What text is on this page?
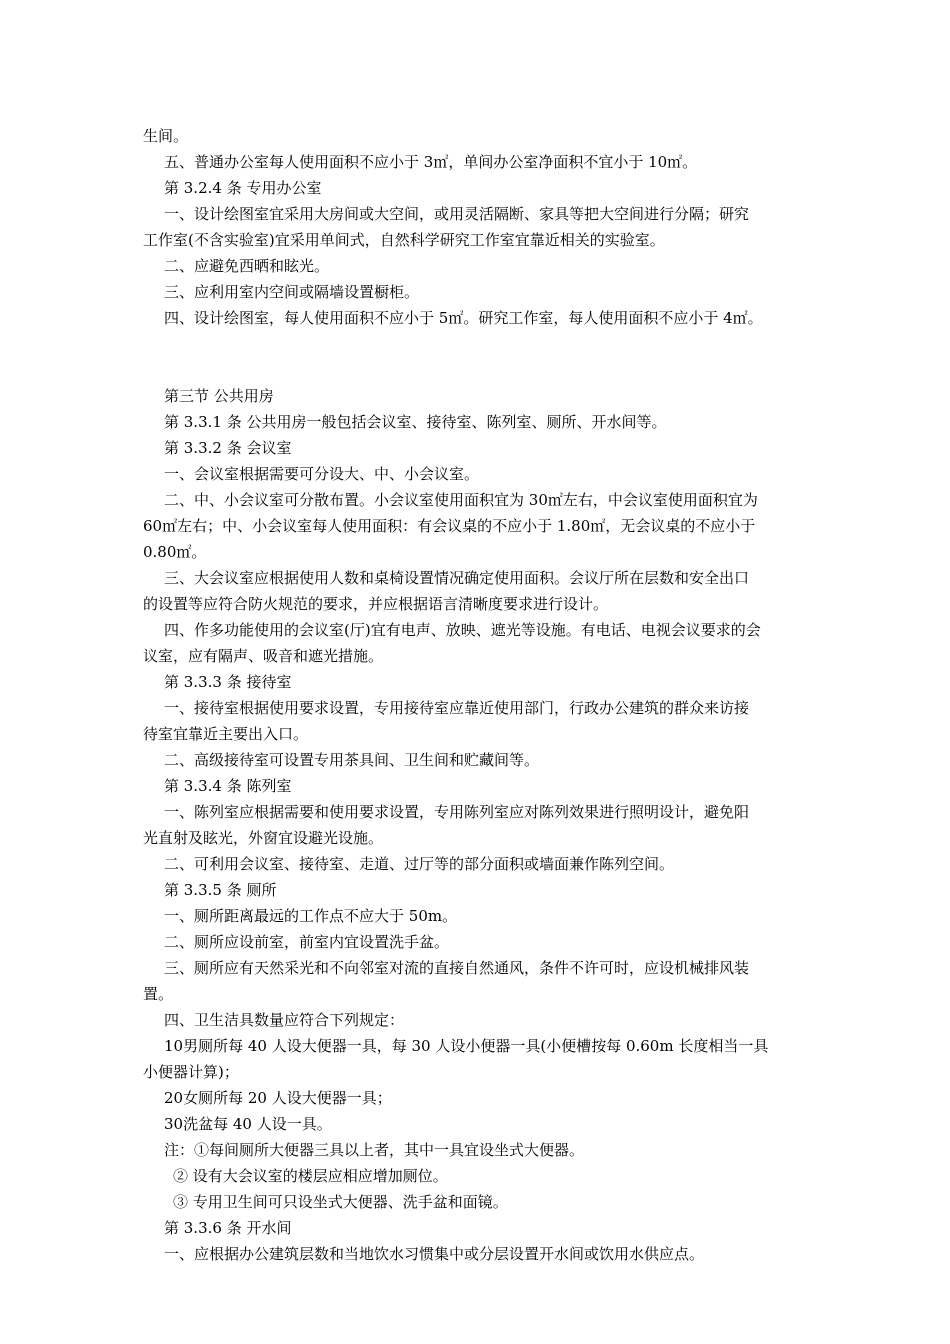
生间。
五、普通办公室每人使用面积不应小于 3㎡，单间办公室净面积不宜小于 10㎡。
第 3.2.4 条 专用办公室
一、设计绘图室宜采用大房间或大空间，或用灵活隔断、家具等把大空间进行分隔；研究
工作室(不含实验室)宜采用单间式，自然科学研究工作室宜靠近相关的实验室。
二、应避免西晒和眩光。
三、应利用室内空间或隔墙设置橱柜。
四、设计绘图室，每人使用面积不应小于 5㎡。研究工作室，每人使用面积不应小于 4㎡。
第三节 公共用房
第 3.3.1 条 公共用房一般包括会议室、接待室、陈列室、厕所、开水间等。
第 3.3.2 条 会议室
一、会议室根据需要可分设大、中、小会议室。
二、中、小会议室可分散布置。小会议室使用面积宜为 30㎡左右，中会议室使用面积宜为
60㎡左右；中、小会议室每人使用面积：有会议桌的不应小于 1.80㎡，无会议桌的不应小于
0.80㎡。
三、大会议室应根据使用人数和桌椅设置情况确定使用面积。会议厅所在层数和安全出口
的设置等应符合防火规范的要求，并应根据语言清晰度要求进行设计。
四、作多功能使用的会议室(厅)宜有电声、放映、遮光等设施。有电话、电视会议要求的会
议室，应有隔声、吸音和遮光措施。
第 3.3.3 条 接待室
一、接待室根据使用要求设置，专用接待室应靠近使用部门，行政办公建筑的群众来访接
待室宜靠近主要出入口。
二、高级接待室可设置专用茶具间、卫生间和贮藏间等。
第 3.3.4 条 陈列室
一、陈列室应根据需要和使用要求设置，专用陈列室应对陈列效果进行照明设计，避免阳
光直射及眩光，外窗宜设避光设施。
二、可利用会议室、接待室、走道、过厅等的部分面积或墙面兼作陈列空间。
第 3.3.5 条 厕所
一、厕所距离最远的工作点不应大于 50m。
二、厕所应设前室，前室内宜设置洗手盆。
三、厕所应有天然采光和不向邻室对流的直接自然通风，条件不许可时，应设机械排风装
置。
四、卫生洁具数量应符合下列规定：
10男厕所每 40 人设大便器一具，每 30 人设小便器一具(小便槽按每 0.60m 长度相当一具
小便器计算)；
20女厕所每 20 人设大便器一具；
30洗盆每 40 人设一具。
注：①每间厕所大便器三具以上者，其中一具宜设坐式大便器。
② 设有大会议室的楼层应相应增加厕位。
③ 专用卫生间可只设坐式大便器、洗手盆和面镜。
第 3.3.6 条 开水间
一、应根据办公建筑层数和当地饮水习惯集中或分层设置开水间或饮用水供应点。
